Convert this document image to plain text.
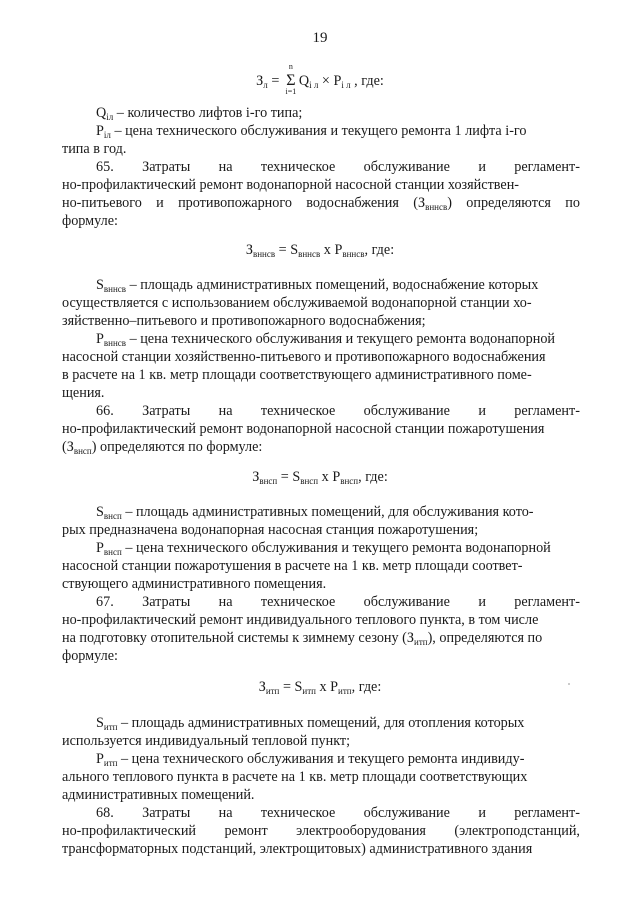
19
$З_л$ =
n
Σ
i=1
$Q_{i л} \times P_{i л}$ , где:
$Q_{iл}$ – количество лифтов i-го типа;
$P_{iл}$ – цена технического обслуживания и текущего ремонта 1 лифта i-го
типа в год.
65. Затраты на техническое обслуживание и регламент-
но-профилактический ремонт водонапорной насосной станции хозяйствен-
но-питьевого и противопожарного водоснабжения $(З_{вннсв})$ определяются по
формуле:
$З_{вннсв} = S_{вннсв}$ x $P_{вннсв}$, где:
$S_{вннсв}$ – площадь административных помещений, водоснабжение которых
осуществляется с использованием обслуживаемой водонапорной станции хо-
зяйственно–питьевого и противопожарного водоснабжения;
$P_{вннсв}$ – цена технического обслуживания и текущего ремонта водонапорной
насосной станции хозяйственно-питьевого и противопожарного водоснабжения
в расчете на 1 кв. метр площади соответствующего административного поме-
щения.
66. Затраты на техническое обслуживание и регламент-
но-профилактический ремонт водонапорной насосной станции пожаротушения
$(З_{внсп})$ определяются по формуле:
$З_{внсп} = S_{внсп}$ x $P_{внсп}$, где:
$S_{внсп}$ – площадь административных помещений, для обслуживания кото-
рых предназначена водонапорная насосная станция пожаротушения;
$P_{внсп}$ – цена технического обслуживания и текущего ремонта водонапорной
насосной станции пожаротушения в расчете на 1 кв. метр площади соответ-
ствующего административного помещения.
67. Затраты на техническое обслуживание и регламент-
но-профилактический ремонт индивидуального теплового пункта, в том числе
на подготовку отопительной системы к зимнему сезону $(З_{итп})$, определяются по
формуле:
$З_{итп} = S_{итп}$ x $P_{итп}$, где:
$S_{итп}$ – площадь административных помещений, для отопления которых
используется индивидуальный тепловой пункт;
$P_{итп}$ – цена технического обслуживания и текущего ремонта индивиду-
ального теплового пункта в расчете на 1 кв. метр площади соответствующих
административных помещений.
68. Затраты на техническое обслуживание и регламент-
но-профилактический ремонт электрооборудования (электроподстанций,
трансформаторных подстанций, электрощитовых) административного здания
